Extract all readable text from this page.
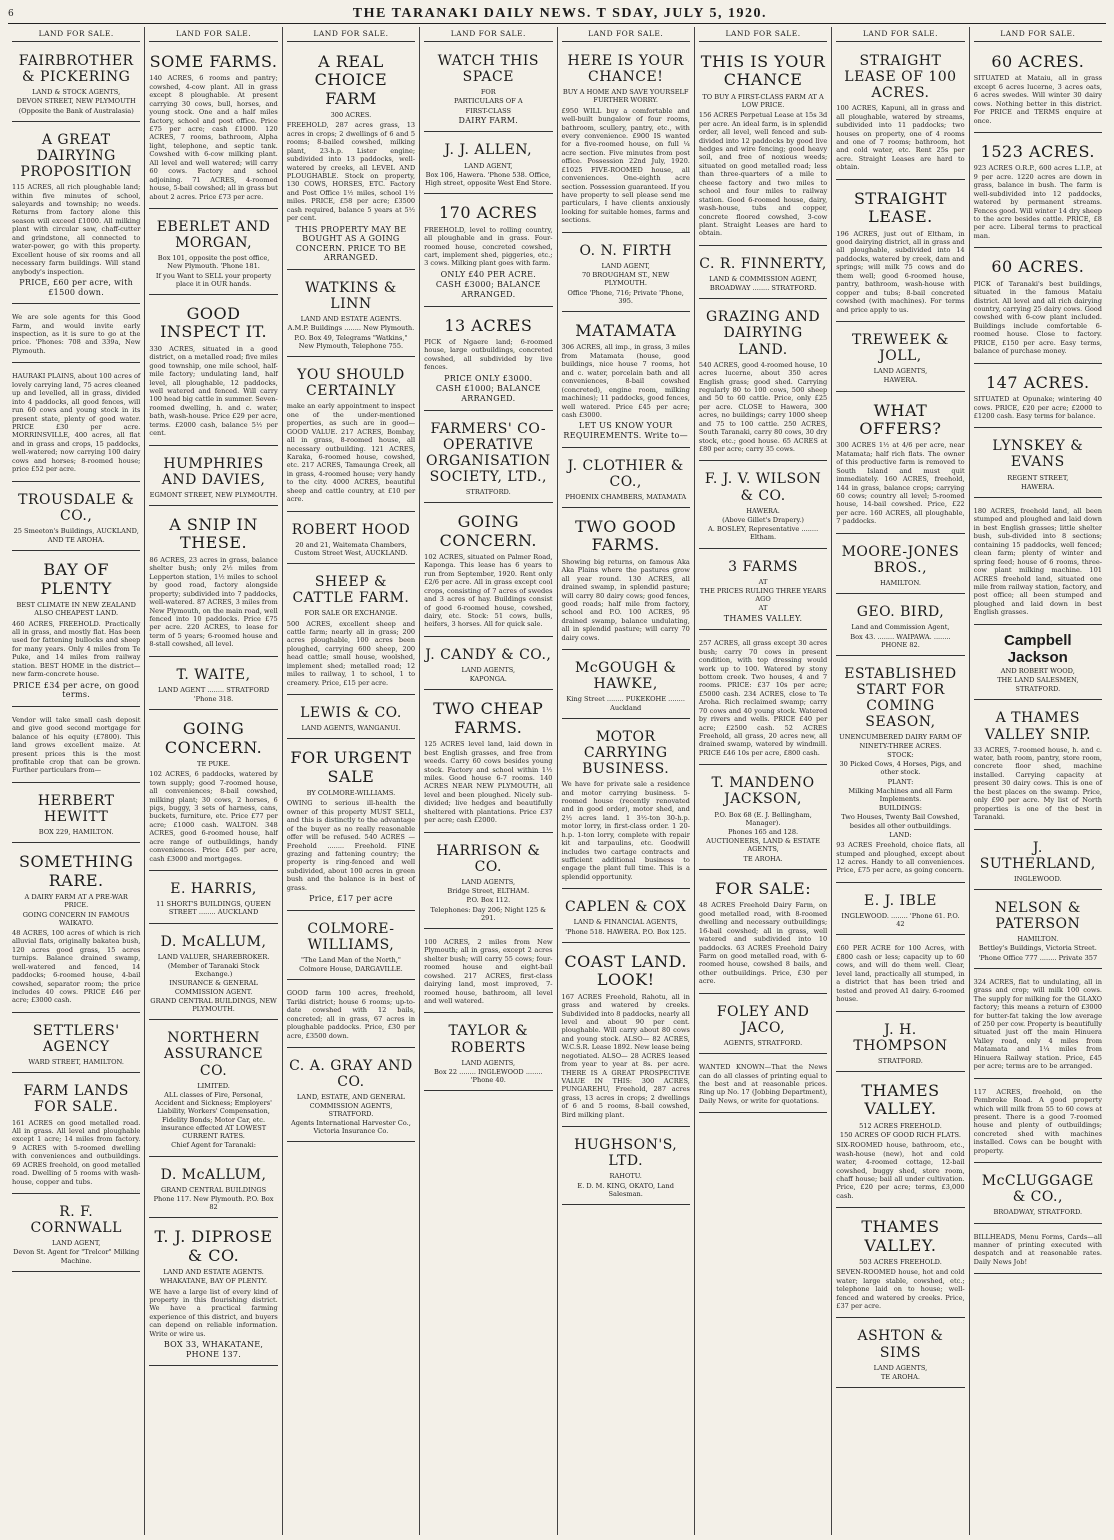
6	THE TARANAKI DAILY NEWS. T SDAY, JULY 5, 1920.
LAND FOR SALE.
FAIRBROTHER & PICKERING
LAND & STOCK AGENTS,
DEVON STREET, NEW PLYMOUTH
(Opposite the Bank of Australasia)
A GREAT DAIRYING PROPOSITION
115 ACRES, all rich ploughable land; within five minutes of school, saleyards and township; no weeds. Returns from factory alone this season will exceed £1000. All milking plant with circular saw, chaff-cutter and grindstone, all connected to water-power, go with this property. Excellent house of six rooms and all necessary farm buildings. Will stand anybody's inspection.
PRICE, £60 per acre, with £1500 down.
We are sole agents for this Good Farm, and would invite early inspection, as it is sure to go at the price. 'Phones: 708 and 339a, New Plymouth.
HAURAKI PLAINS, about 100 acres of lovely carrying land, 75 acres cleaned up and levelled, all in grass, divided into 4 paddocks, all good fences, will run 60 cows and young stock in its present state, plenty of good water. PRICE £30 per acre. MORRINSVILLE, 400 acres, all flat and in grass and crops, 15 paddocks, well-watered; now carrying 100 dairy cows and horses; 8-roomed house; price £52 per acre.
TROUSDALE & CO.,
25 Smeeton's Buildings, AUCKLAND,
AND TE AROHA.
BAY OF PLENTY
BEST CLIMATE IN NEW ZEALAND ALSO CHEAPEST LAND.
460 ACRES, FREEHOLD. Practically all in grass, and mostly flat. Has been used for fattening bullocks and sheep for many years. Only 4 miles from Te Puke, and 14 miles from railway station. BEST HOME in the district—new farm-concrete house.
PRICE £34 per acre, on good terms.
Vendor will take small cash deposit and give good second mortgage for balance of his equity (£7800). This land grows excellent maize. At present prices this is the most profitable crop that can be grown. Further particulars from—
HERBERT HEWITT
BOX 229, HAMILTON.
SOMETHING RARE.
A DAIRY FARM AT A PRE-WAR PRICE.
GOING CONCERN IN FAMOUS WAIKATO.
48 ACRES, 100 acres of which is rich alluvial flats, originally bakatea bush, 120 acres good grass, 15 acres turnips. Balance drained swamp, well-watered and fenced, 14 paddocks; 6-roomed house, 4-bail cowshed, separator room; the price includes 40 cows. PRICE £46 per acre; £3000 cash.
SETTLERS' AGENCY
WARD STREET, HAMILTON.
FARM LANDS FOR SALE.
161 ACRES on good metalled road. All in grass. All level and ploughable except 1 acre; 14 miles from factory. 9 ACRES with 5-roomed dwelling with conveniences and outbuildings. 69 ACRES freehold, on good metalled road. Dwelling of 5 rooms with wash-house, copper and tubs.
R. F. CORNWALL
LAND AGENT,
Devon St. Agent for "Trelcor" Milking Machine.
LAND FOR SALE.
SOME FARMS.
140 ACRES, 6 rooms and pantry; cowshed, 4-cow plant. All in grass except 8 ploughable. At present carrying 30 cows, bull, horses, and young stock. One and a half miles factory, school and post office. Price £75 per acre; cash £1000. 120 ACRES, 7 rooms, bathroom, Alpha light, telephone, and septic tank. Cowshed with 6-cow milking plant. All level and well watered; will carry 60 cows. Factory and school adjoining. 71 ACRES, 4-roomed house, 5-bail cowshed; all in grass but about 2 acres. Price £73 per acre.
EBERLET AND MORGAN,
Box 101, opposite the post office, New Plymouth. 'Phone 181.
If you Want to SELL your property place it in OUR hands.
GOOD INSPECT IT.
330 ACRES, situated in a good district, on a metalled road; five miles good township, one mile school, half-mile factory; undulating land, half level, all ploughable, 12 paddocks, well watered and fenced. Will carry 100 head big cattle in summer. Seven-roomed dwelling, h. and c. water, bath, wash-house. Price £29 per acre, terms. £2000 cash, balance 5½ per cent.
HUMPHRIES AND DAVIES,
EGMONT STREET, NEW PLYMOUTH.
A SNIP IN THESE.
86 ACRES, 23 acres in grass, balance shelter bush; only 2½ miles from Lepperton station, 1½ miles to school by good road, factory alongside property; subdivided into 7 paddocks, well-watered. 87 ACRES, 3 miles from New Plymouth, on the main road, well fenced into 10 paddocks. Price £75 per acre. 220 ACRES, to lease for term of 5 years; 6-roomed house and 8-stall cowshed, all level.
T. WAITE,
LAND AGENT ........ STRATFORD
'Phone 318.
GOING CONCERN.
TE PUKE.
102 ACRES, 6 paddocks, watered by town supply; good 7-roomed house, all conveniences; 8-bail cowshed, milking plant; 30 cows, 2 horses, 6 pigs, buggy, 3 sets of harness, cans, buckets, furniture, etc. Price £77 per acre; £1000 cash. WALTON. 348 ACRES, good 6-roomed house, half acre range of outbuildings, handy conveniences. Price £45 per acre, cash £3000 and mortgages.
E. HARRIS,
11 SHORT'S BUILDINGS, QUEEN STREET ........ AUCKLAND
D. McALLUM,
LAND VALUER, SHAREBROKER.
(Member of Taranaki Stock Exchange.)
INSURANCE & GENERAL COMMISSION AGENT.
GRAND CENTRAL BUILDINGS, NEW PLYMOUTH.
NORTHERN ASSURANCE CO.
LIMITED.
ALL classes of Fire, Personal, Accident and Sickness; Employers' Liability, Workers' Compensation, Fidelity Bonds; Motor Car, etc. insurance effected AT LOWEST CURRENT RATES.
Chief Agent for Taranaki:
D. McALLUM,
GRAND CENTRAL BUILDINGS
Phone 117. New Plymouth. P.O. Box 82
T. J. DIPROSE & CO.
LAND AND ESTATE AGENTS.
WHAKATANE, BAY OF PLENTY.
WE have a large list of every kind of property in this flourishing district. We have a practical farming experience of this district, and buyers can depend on reliable information. Write or wire us.
BOX 33, WHAKATANE, PHONE 137.
LAND FOR SALE.
A REAL CHOICE FARM
300 ACRES.
FREEHOLD, 287 acres grass, 13 acres in crops; 2 dwellings of 6 and 5 rooms; 8-bailed cowshed, milking plant, 23-h.p. Lister engine; subdivided into 13 paddocks, well-watered by creeks, all LEVEL AND PLOUGHABLE. Stock on property, 130 COWS, HORSES, ETC. Factory and Post Office 1½ miles, school 1½ miles. PRICE, £58 per acre; £3500 cash required, balance 5 years at 5½ per cent.
THIS PROPERTY MAY BE BOUGHT AS A GOING CONCERN. PRICE TO BE ARRANGED.
WATKINS & LINN
LAND AND ESTATE AGENTS.
A.M.P. Buildings ........ New Plymouth.
P.O. Box 49, Telegrams "Watkins," New Plymouth, Telephone 755.
YOU SHOULD CERTAINLY
make an early appointment to inspect one of the under-mentioned properties, as such are in good— GOOD VALUE. 217 ACRES, Bombay, all in grass, 8-roomed house, all necessary outbuilding. 121 ACRES, Karaka, 6-roomed house, cowshed, etc. 217 ACRES, Tamaunga Creek, all in grass, 4-roomed house; very handy to the city. 4000 ACRES, beautiful sheep and cattle country, at £10 per acre.
ROBERT HOOD
20 and 21, Waitemata Chambers, Custom Street West, AUCKLAND.
SHEEP & CATTLE FARM.
FOR SALE OR EXCHANGE.
500 ACRES, excellent sheep and cattle farm; nearly all in grass; 200 acres ploughable, 100 acres been ploughed, carrying 600 sheep, 200 head cattle; small house, woolshed, implement shed; metalled road; 12 miles to railway, 1 to school, 1 to creamery. Price, £15 per acre.
LEWIS & CO.
LAND AGENTS, WANGANUI.
FOR URGENT SALE
BY COLMORE-WILLIAMS.
OWING to serious ill-health the owner of this property MUST SELL, and this is distinctly to the advantage of the buyer as no really reasonable offer will be refused. 540 ACRES — Freehold ........ Freehold. FINE grazing and fattening country; the property is ring-fenced and well subdivided, about 100 acres in green bush and the balance is in best of grass.
Price, £17 per acre
COLMORE-WILLIAMS,
"The Land Man of the North,"
Colmore House, DARGAVILLE.
GOOD farm 100 acres, freehold, Tariki district; house 6 rooms; up-to-date cowshed with 12 bails, concreted; all in grass, 67 acres in ploughable paddocks. Price, £30 per acre, £3500 down.
C. A. GRAY AND CO.
LAND, ESTATE, AND GENERAL COMMISSION AGENTS, STRATFORD.
Agents International Harvester Co., Victoria Insurance Co.
LAND FOR SALE.
WATCH THIS SPACE
FOR
PARTICULARS OF A
FIRST-CLASS
DAIRY FARM.
J. J. ALLEN,
LAND AGENT,
Box 106, Hawera. 'Phone 538. Office, High street, opposite West End Store.
170 ACRES
FREEHOLD, level to rolling country, all ploughable and in grass. Four-roomed house, concreted cowshed, cart, implement shed, piggeries, etc.; 3 cows. Milking plant goes with farm.
ONLY £40 PER ACRE.
CASH £3000; BALANCE ARRANGED.
13 ACRES
PICK of Ngaere land; 6-roomed house, large outbuildings, concreted cowshed, all subdivided by live fences.
PRICE ONLY £3000.
CASH £1000; BALANCE ARRANGED.
FARMERS' CO-OPERATIVE ORGANISATION SOCIETY, LTD.,
STRATFORD.
GOING CONCERN.
102 ACRES, situated on Palmer Road, Kaponga. This lease has 6 years to run from September, 1920. Rent only £2/6 per acre. All in grass except cool crops, consisting of 7 acres of swedes and 3 acres of hay. Buildings consist of good 6-roomed house, cowshed, dairy, etc. Stock: 51 cows, bulls, heifers, 3 horses. All for quick sale.
J. CANDY & CO.,
LAND AGENTS,
KAPONGA.
TWO CHEAP FARMS.
125 ACRES level land, laid down in best English grasses, and free from weeds. Carry 60 cows besides young stock. Factory and school within 1½ miles. Good house 6-7 rooms. 140 ACRES NEAR NEW PLYMOUTH, all level and been ploughed. Nicely sub-divided; live hedges and beautifully sheltered with plantations. Price £37 per acre; cash £2000.
HARRISON & CO.
LAND AGENTS,
Bridge Street, ELTHAM.
P.O. Box 112.
Telephones: Day 206; Night 125 & 291.
100 ACRES, 2 miles from New Plymouth; all in grass, except 2 acres shelter bush; will carry 55 cows; four-roomed house and eight-bail cowshed. 217 ACRES, first-class dairying land, most improved, 7-roomed house, bathroom, all level and well watered.
TAYLOR & ROBERTS
LAND AGENTS,
Box 22 ........ INGLEWOOD ........ 'Phone 40.
LAND FOR SALE.
HERE IS YOUR CHANCE!
BUY A HOME AND SAVE YOURSELF FURTHER WORRY.
£950 WILL buy a comfortable and well-built bungalow of four rooms, bathroom, scullery, pantry, etc., with every convenience. £900 IS wanted for a five-roomed house, on full ¼ acre section. Five minutes from post office. Possession 22nd July, 1920. £1025 FIVE-ROOMED house, all conveniences. One-eighth acre section. Possession guaranteed. If you have property to sell please send me particulars, I have clients anxiously looking for suitable homes, farms and sections.
O. N. FIRTH
LAND AGENT,
70 BROUGHAM ST., NEW PLYMOUTH.
Office 'Phone, 716; Private 'Phone, 395.
MATAMATA
306 ACRES, all imp., in grass, 3 miles from Matamata (house, good buildings, nice house 7 rooms, hot and c. water, porcelain bath and all conveniences, 8-bail cowshed (concreted), engine room, milking machines); 11 paddocks, good fences, well watered. Price £45 per acre; cash £3000.
LET US KNOW YOUR REQUIREMENTS. Write to—
J. CLOTHIER & CO.,
PHOENIX CHAMBERS, MATAMATA
TWO GOOD FARMS.
Showing big returns, on famous Aka Aka Plains where the pastures grow all year round. 130 ACRES, all drained swamp, in splendid pasture; will carry 80 dairy cows; good fences, good roads; half mile from factory, school and P.O. 100 ACRES, 95 drained swamp, balance undulating, all in splendid pasture; will carry 70 dairy cows.
McGOUGH & HAWKE,
King Street ........ PUKEKOHE ........ Auckland
MOTOR CARRYING BUSINESS.
We have for private sale a residence and motor carrying business. 5-roomed house (recently renovated and in good order), motor shed, and 2½ acres land. 1 3½-ton 30-h.p. motor lorry, in first-class order. 1 20-h.p. 1-ton lorry, complete with repair kit and tarpaulins, etc. Goodwill includes two cartage contracts and sufficient additional business to engage the plant full time. This is a splendid opportunity.
CAPLEN & COX
LAND & FINANCIAL AGENTS,
'Phone 518. HAWERA. P.O. Box 125.
COAST LAND. LOOK!
167 ACRES Freehold, Rahotu, all in grass and watered by creeks. Subdivided into 8 paddocks, nearly all level and about 90 per cent. ploughable. Will carry about 80 cows and young stock. ALSO— 82 ACRES, W.C.S.R. Lease 1892. New lease being negotiated. ALSO— 28 ACRES leased from year to year at 8s. per acre. THERE IS A GREAT PROSPECTIVE VALUE IN THIS: 300 ACRES, PUNGAREHU, Freehold, 287 acres grass, 13 acres in crops; 2 dwellings of 6 and 5 rooms, 8-bail cowshed, Bird milking plant.
HUGHSON'S, LTD.
RAHOTU.
E. D. M. KING, OKATO, Land Salesman.
LAND FOR SALE.
THIS IS YOUR CHANCE
TO BUY A FIRST-CLASS FARM AT A LOW PRICE.
156 ACRES Perpetual Lease at 15s 3d per acre. An ideal farm, is in splendid order, all level, well fenced and sub-divided into 12 paddocks by good live hedges and wire fencing; good heavy soil, and free of noxious weeds; situated on good metalled road; less than three-quarters of a mile to cheese factory and two miles to school and four miles to railway station. Good 6-roomed house, dairy, wash-house, tubs and copper, concrete floored cowshed, 3-cow plant. Straight Leases are hard to obtain.
C. R. FINNERTY,
LAND & COMMISSION AGENT,
BROADWAY ........ STRATFORD.
GRAZING AND DAIRYING LAND.
540 ACRES, good 4-roomed house, 10 acres lucerne, about 350 acres English grass; good shed. Carrying regularly 80 to 100 cows, 500 sheep and 50 to 60 cattle. Price, only £25 per acre. CLOSE to Hawera, 300 acres, no buildings; carry 1000 sheep and 75 to 100 cattle. 250 ACRES, South Taranaki, carry 80 cows, 30 dry stock, etc.; good house. 65 ACRES at £80 per acre; carry 35 cows.
F. J. V. WILSON & CO.
HAWERA.
(Above Gillet's Drapery.)
A. BOSLEY, Representative ........ Eltham.
3 FARMS
AT
THE PRICES RULING THREE YEARS AGO
AT
THAMES VALLEY.
257 ACRES, all grass except 30 acres bush; carry 70 cows in present condition, with top dressing would work up to 100. Watered by stony bottom creek. Two houses, 4 and 7 rooms. PRICE: £37 10s per acre; £5000 cash. 234 ACRES, close to Te Aroha. Rich reclaimed swamp; carry 70 cows and 40 young stock. Watered by rivers and wells. PRICE £40 per acre; £2500 cash. 52 ACRES Freehold, all grass, 20 acres new, all drained swamp, watered by windmill. PRICE £46 10s per acre, £800 cash.
T. MANDENO JACKSON,
P.O. Box 68 (E. J. Bellingham, Manager).
Phones 165 and 128.
AUCTIONEERS, LAND & ESTATE AGENTS,
TE AROHA.
FOR SALE:
48 ACRES Freehold Dairy Farm, on good metalled road, with 8-roomed dwelling and necessary outbuildings; 16-bail cowshed; all in grass, well watered and subdivided into 10 paddocks. 63 ACRES Freehold Dairy Farm on good metalled road, with 6-roomed house, cowshed 8 bails, and other outbuildings. Price, £30 per acre.
FOLEY AND JACO,
AGENTS, STRATFORD.
WANTED KNOWN—That the News can do all classes of printing equal to the best and at reasonable prices. Ring up No. 17 (Jobbing Department), Daily News, or write for quotations.
LAND FOR SALE.
STRAIGHT LEASE OF 100 ACRES.
100 ACRES, Kapuni, all in grass and all ploughable, watered by streams, subdivided into 11 paddocks; two houses on property, one of 4 rooms and one of 7 rooms; bathroom, hot and cold water, etc. Rent 25s per acre. Straight Leases are hard to obtain.
STRAIGHT LEASE.
196 ACRES, just out of Eltham, in good dairying district, all in grass and all ploughable, subdivided into 14 paddocks, watered by creek, dam and springs; will milk 75 cows and do them well; good 6-roomed house, pantry, bathroom, wash-house with copper and tubs; 8-bail concreted cowshed (with machines). For terms and price apply to us.
TREWEEK & JOLL,
LAND AGENTS,
HAWERA.
WHAT OFFERS?
300 ACRES 1½ at 4/6 per acre, near Matamata; half rich flats. The owner of this productive farm is removed to South Island and must quit immediately. 160 ACRES, freehold, 144 in grass, balance crops; carrying 60 cows; country all level; 5-roomed house, 14-bail cowshed. Price, £22 per acre. 160 ACRES, all ploughable, 7 paddocks.
MOORE-JONES BROS.,
HAMILTON.
GEO. BIRD,
Land and Commission Agent,
Box 43. ........ WAIPAWA. ........ PHONE 82.
ESTABLISHED START FOR COMING SEASON,
UNENCUMBERED DAIRY FARM OF NINETY-THREE ACRES.
STOCK:
30 Picked Cows, 4 Horses, Pigs, and other stock.
PLANT:
Milking Machines and all Farm Implements.
BUILDINGS:
Two Houses, Twenty Bail Cowshed, besides all other outbuildings.
LAND:
93 ACRES Freehold, choice flats, all stumped and ploughed, except about 12 acres. Handy to all conveniences. Price, £75 per acre, as going concern.
E. J. IBLE
INGLEWOOD. ........ 'Phone 61. P.O. 42
£60 PER ACRE for 100 Acres, with £800 cash or less; capacity up to 60 cows, and will do them well. Clear, level land, practically all stumped, in a district that has been tried and tested and proved A1 dairy. 6-roomed house.
J. H. THOMPSON
STRATFORD.
THAMES VALLEY.
512 ACRES FREEHOLD.
150 ACRES OF GOOD RICH FLATS.
SIX-ROOMED house, bathroom, etc., wash-house (new), hot and cold water, 4-roomed cottage, 12-bail cowshed, buggy shed, store room, chaff house; bail all under cultivation. Price, £20 per acre; terms, £3,000 cash.
THAMES VALLEY.
503 ACRES FREEHOLD.
SEVEN-ROOMED house, hot and cold water; large stable, cowshed, etc.; telephone laid on to house; well-fenced and watered by creeks. Price, £37 per acre.
ASHTON & SIMS
LAND AGENTS,
TE AROHA.
LAND FOR SALE.
60 ACRES.
SITUATED at Mataiu, all in grass except 6 acres lucerne, 3 acres oats, 6 acres swedes. Will winter 30 dairy cows. Nothing better in this district. For PRICE and TERMS enquire at once.
1523 ACRES.
923 ACRES O.R.P., 600 acres L.I.P., at 9 per acre. 1220 acres are down in grass, balance in bush. The farm is well-subdivided into 12 paddocks, watered by permanent streams. Fences good. Will winter 14 dry sheep to the acre besides cattle. PRICE, £8 per acre. Liberal terms to practical man.
60 ACRES.
PICK of Taranaki's best buildings, situated in the famous Mataiu district. All level and all rich dairying country, carrying 25 dairy cows. Good cowshed with 6-cow plant included. Buildings include comfortable 6-roomed house. Close to factory. PRICE, £150 per acre. Easy terms, balance of purchase money.
147 ACRES.
SITUATED at Opunake; wintering 40 cows. PRICE, £20 per acre; £2000 to £1200 cash. Easy terms for balance.
LYNSKEY & EVANS
REGENT STREET,
HAWERA.
180 ACRES, freehold land, all been stumped and ploughed and laid down in best English grasses; little shelter bush, sub-divided into 8 sections; containing 15 paddocks, well fenced; clean farm; plenty of winter and spring feed; house of 6 rooms, three-cow plant milking machine. 101 ACRES freehold land, situated one mile from railway station, factory, and post office; all been stumped and ploughed and laid down in best English grasses.
Campbell Jackson
AND ROBERT WOOD,
THE LAND SALESMEN,
STRATFORD.
A THAMES VALLEY SNIP.
33 ACRES, 7-roomed house, h. and c. water, bath room, pantry, store room, concrete floor shed, machine installed. Carrying capacity at present 30 dairy cows. This is one of the best places on the swamp. Price, only £90 per acre. My list of North properties is one of the best in Taranaki.
J. SUTHERLAND,
INGLEWOOD.
NELSON & PATERSON
HAMILTON.
Bettley's Buildings, Victoria Street.
'Phone Office 777 ........ Private 357
324 ACRES, flat to undulating, all in grass and crop; will milk 100 cows. The supply for milking for the GLAXO factory; this means a return of £3000 for butter-fat taking the low average of 250 per cow. Property is beautifully situated just off the main Hinuera Valley road, only 4 miles from Matamata and 1¼ miles from Hinuera Railway station. Price, £45 per acre; terms are to be arranged.
117 ACRES, freehold, on the Pembroke Road. A good property which will milk from 55 to 60 cows at present. There is a good 7-roomed house and plenty of outbuildings; concreted shed with machines installed. Cows can be bought with property.
McCLUGGAGE & CO.,
BROADWAY, STRATFORD.
BILLHEADS, Menu Forms, Cards—all manner of printing executed with despatch and at reasonable rates. Daily News Job!
